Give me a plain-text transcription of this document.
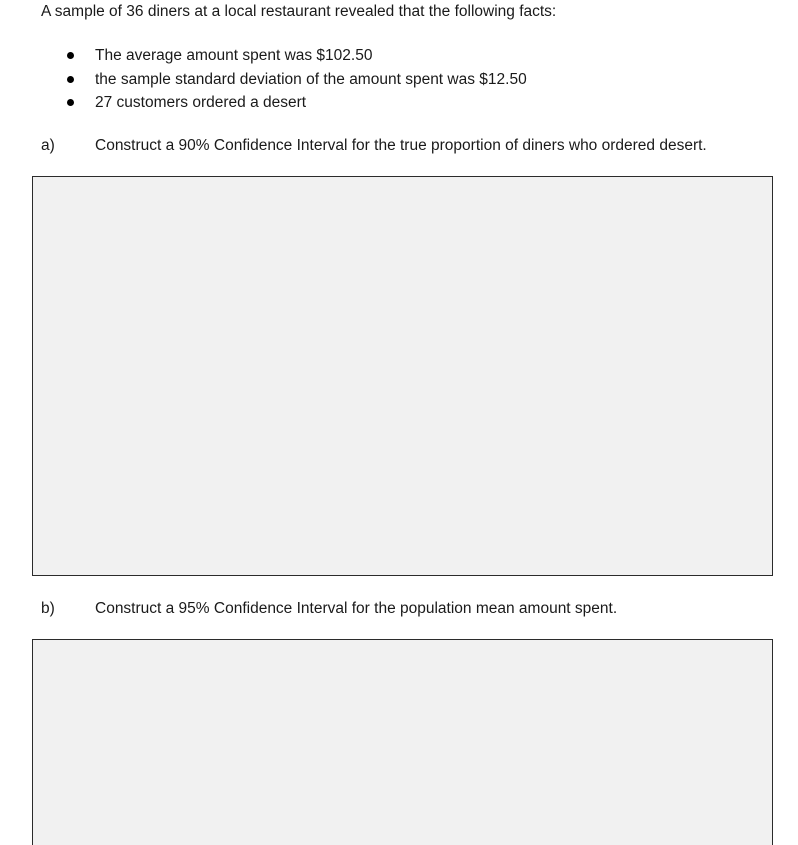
A sample of 36 diners at a local restaurant revealed that the following facts:
The average amount spent was $102.50
the sample standard deviation of the amount spent was $12.50
27 customers ordered a desert
a)	Construct a 90% Confidence Interval for the true proportion of diners who ordered desert.
b)	Construct a 95% Confidence Interval for the population mean amount spent.
